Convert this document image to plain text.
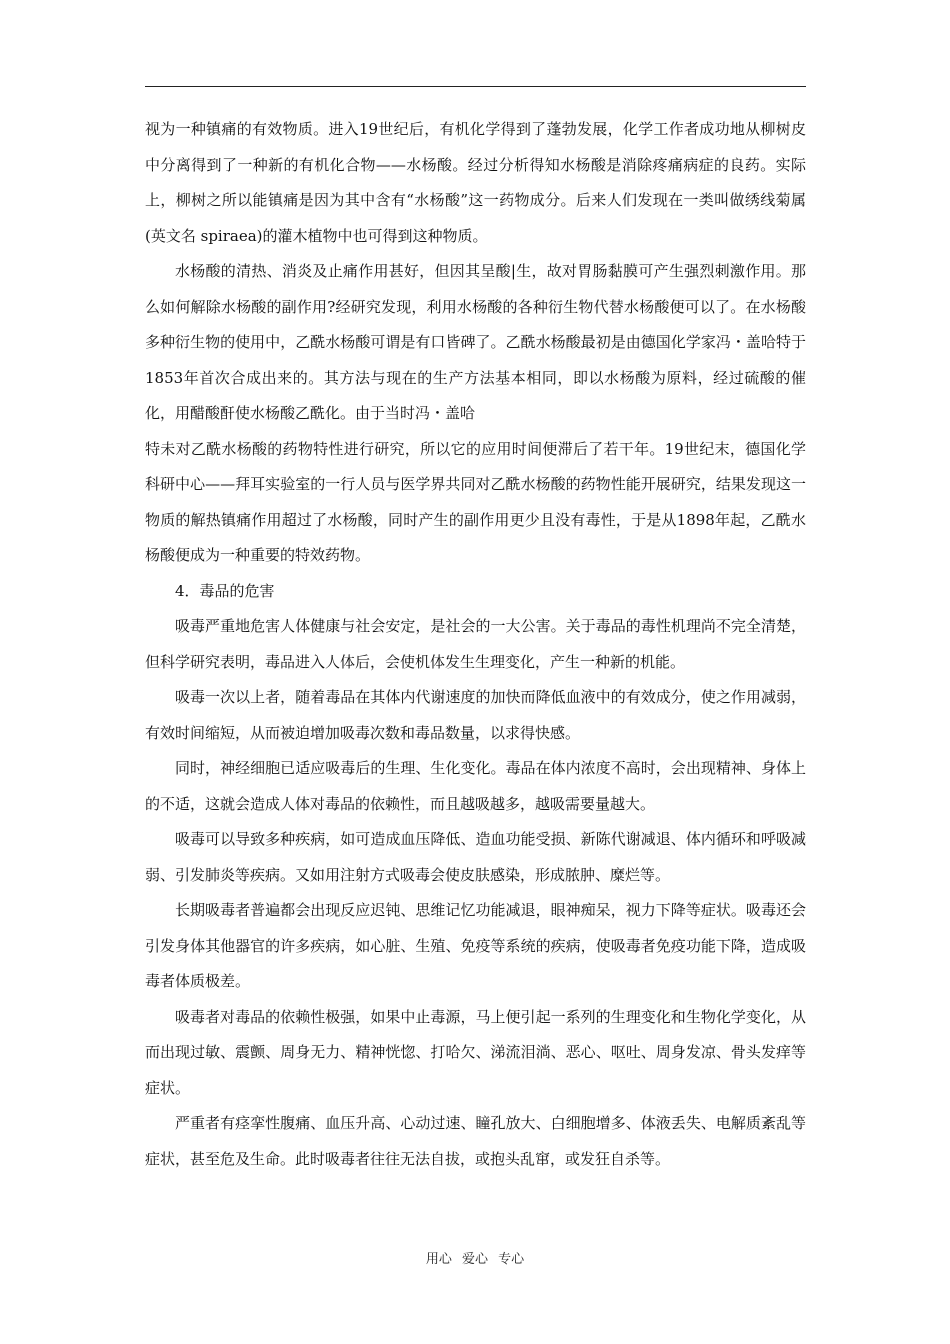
视为一种镇痛的有效物质。进入19世纪后，有机化学得到了蓬勃发展，化学工作者成功地从柳树皮中分离得到了一种新的有机化合物——水杨酸。经过分析得知水杨酸是消除疼痛病症的良药。实际上，柳树之所以能镇痛是因为其中含有“水杨酸”这一药物成分。后来人们发现在一类叫做绣线菊属(英文名 spiraea)的灌木植物中也可得到这种物质。

水杨酸的清热、消炎及止痛作用甚好，但因其呈酸|生，故对胃肠黏膜可产生强烈刺激作用。那么如何解除水杨酸的副作用?经研究发现，利用水杨酸的各种衍生物代替水杨酸便可以了。在水杨酸多种衍生物的使用中，乙酰水杨酸可谓是有口皆碑了。乙酰水杨酸最初是由德国化学家冯・盖哈特于1853年首次合成出来的。其方法与现在的生产方法基本相同，即以水杨酸为原料，经过硫酸的催化，用醋酸酐使水杨酸乙酰化。由于当时冯・盖哈

特未对乙酰水杨酸的药物特性进行研究，所以它的应用时间便滞后了若干年。19世纪末，德国化学科研中心——拜耳实验室的一行人员与医学界共同对乙酰水杨酸的药物性能开展研究，结果发现这一物质的解热镇痛作用超过了水杨酸，同时产生的副作用更少且没有毒性，于是从1898年起，乙酰水杨酸便成为一种重要的特效药物。

4．毒品的危害

吸毒严重地危害人体健康与社会安定，是社会的一大公害。关于毒品的毒性机理尚不完全清楚，但科学研究表明，毒品进入人体后，会使机体发生生理变化，产生一种新的机能。

吸毒一次以上者，随着毒品在其体内代谢速度的加快而降低血液中的有效成分，使之作用减弱，有效时间缩短，从而被迫增加吸毒次数和毒品数量，以求得快感。

同时，神经细胞已适应吸毒后的生理、生化变化。毒品在体内浓度不高时，会出现精神、身体上的不适，这就会造成人体对毒品的依赖性，而且越吸越多，越吸需要量越大。

吸毒可以导致多种疾病，如可造成血压降低、造血功能受损、新陈代谢减退、体内循环和呼吸减弱、引发肺炎等疾病。又如用注射方式吸毒会使皮肤感染，形成脓肿、糜烂等。

长期吸毒者普遍都会出现反应迟钝、思维记忆功能减退，眼神痴呆，视力下降等症状。吸毒还会引发身体其他器官的许多疾病，如心脏、生殖、免疫等系统的疾病，使吸毒者免疫功能下降，造成吸毒者体质极差。

吸毒者对毒品的依赖性极强，如果中止毒源，马上便引起一系列的生理变化和生物化学变化，从而出现过敏、震颤、周身无力、精神恍惚、打哈欠、涕流泪淌、恶心、呕吐、周身发凉、骨头发痒等症状。

严重者有痉挛性腹痛、血压升高、心动过速、瞳孔放大、白细胞增多、体液丢失、电解质紊乱等症状，甚至危及生命。此时吸毒者往往无法自拔，或抱头乱窜，或发狂自杀等。

用心 爱心 专心
